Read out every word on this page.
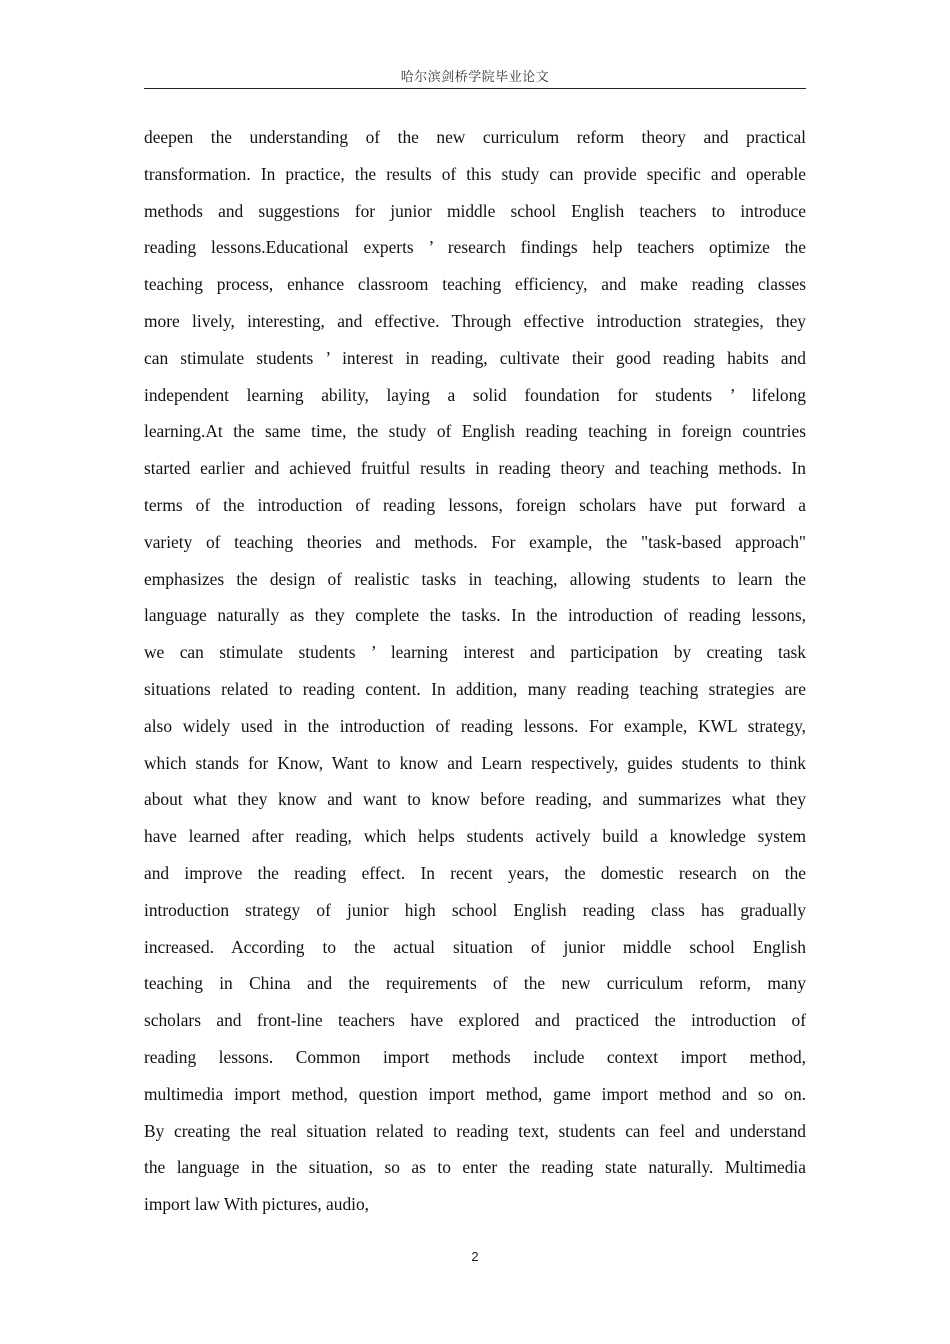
哈尔滨剑桥学院毕业论文
deepen the understanding of the new curriculum reform theory and practical
transformation. In practice, the results of this study can provide specific and operable
methods and suggestions for junior middle school English teachers to introduce
reading lessons.Educational experts ’ research findings help teachers optimize the
teaching process, enhance classroom teaching efficiency, and make reading classes
more lively, interesting, and effective. Through effective introduction strategies, they
can stimulate students ’ interest in reading, cultivate their good reading habits and
independent learning ability, laying a solid foundation for students ’ lifelong
learning.At the same time, the study of English reading teaching in foreign countries
started earlier and achieved fruitful results in reading theory and teaching methods. In
terms of the introduction of reading lessons, foreign scholars have put forward a
variety of teaching theories and methods. For example, the "task-based approach"
emphasizes the design of realistic tasks in teaching, allowing students to learn the
language naturally as they complete the tasks. In the introduction of reading lessons,
we can stimulate students ’ learning interest and participation by creating task
situations related to reading content. In addition, many reading teaching strategies are
also widely used in the introduction of reading lessons. For example, KWL strategy,
which stands for Know, Want to know and Learn respectively, guides students to think
about what they know and want to know before reading, and summarizes what they
have learned after reading, which helps students actively build a knowledge system
and improve the reading effect. In recent years, the domestic research on the
introduction strategy of junior high school English reading class has gradually
increased. According to the actual situation of junior middle school English
teaching in China and the requirements of the new curriculum reform, many
scholars and front-line teachers have explored and practiced the introduction of
reading lessons. Common import methods include context import method,
multimedia import method, question import method, game import method and so on.
By creating the real situation related to reading text, students can feel and understand
the language in the situation, so as to enter the reading state naturally. Multimedia
import law With pictures, audio,
2
